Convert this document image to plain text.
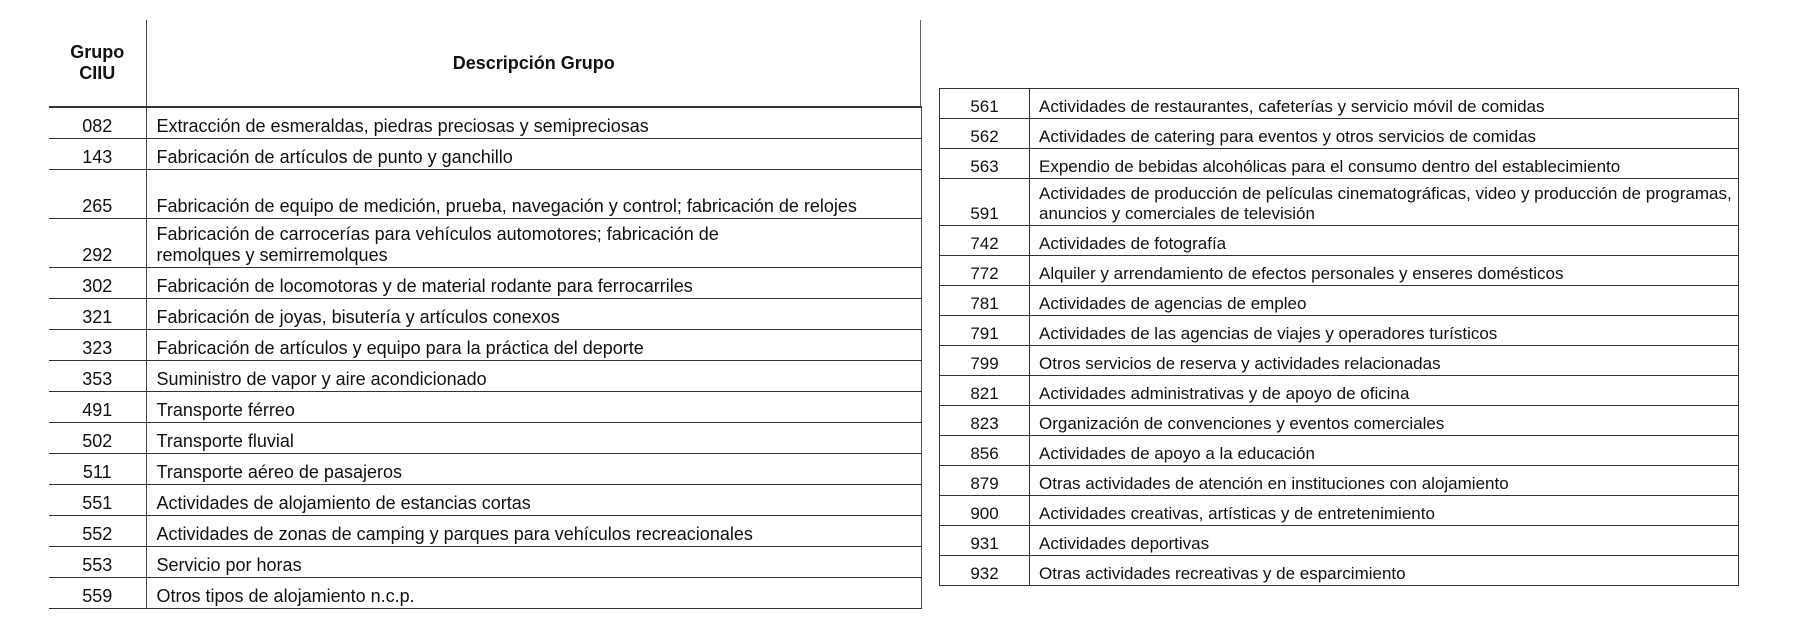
Grupo
CIIU	Descripción Grupo
082	Extracción de esmeraldas, piedras preciosas y semipreciosas
143	Fabricación de artículos de punto y ganchillo
265	Fabricación de equipo de medición, prueba, navegación y control; fabricación de relojes
292	Fabricación de carrocerías para vehículos automotores; fabricación de remolques y semirremolques
302	Fabricación de locomotoras y de material rodante para ferrocarriles
321	Fabricación de joyas, bisutería y artículos conexos
323	Fabricación de artículos y equipo para la práctica del deporte
353	Suministro de vapor y aire acondicionado
491	Transporte férreo
502	Transporte fluvial
511	Transporte aéreo de pasajeros
551	Actividades de alojamiento de estancias cortas
552	Actividades de zonas de camping y parques para vehículos recreacionales
553	Servicio por horas
559	Otros tipos de alojamiento n.c.p.
561	Actividades de restaurantes, cafeterías y servicio móvil de comidas
562	Actividades de catering para eventos y otros servicios de comidas
563	Expendio de bebidas alcohólicas para el consumo dentro del establecimiento
591	Actividades de producción de películas cinematográficas, video y producción de programas, anuncios y comerciales de televisión
742	Actividades de fotografía
772	Alquiler y arrendamiento de efectos personales y enseres domésticos
781	Actividades de agencias de empleo
791	Actividades de las agencias de viajes y operadores turísticos
799	Otros servicios de reserva y actividades relacionadas
821	Actividades administrativas y de apoyo de oficina
823	Organización de convenciones y eventos comerciales
856	Actividades de apoyo a la educación
879	Otras actividades de atención en instituciones con alojamiento
900	Actividades creativas, artísticas y de entretenimiento
931	Actividades deportivas
932	Otras actividades recreativas y de esparcimiento
